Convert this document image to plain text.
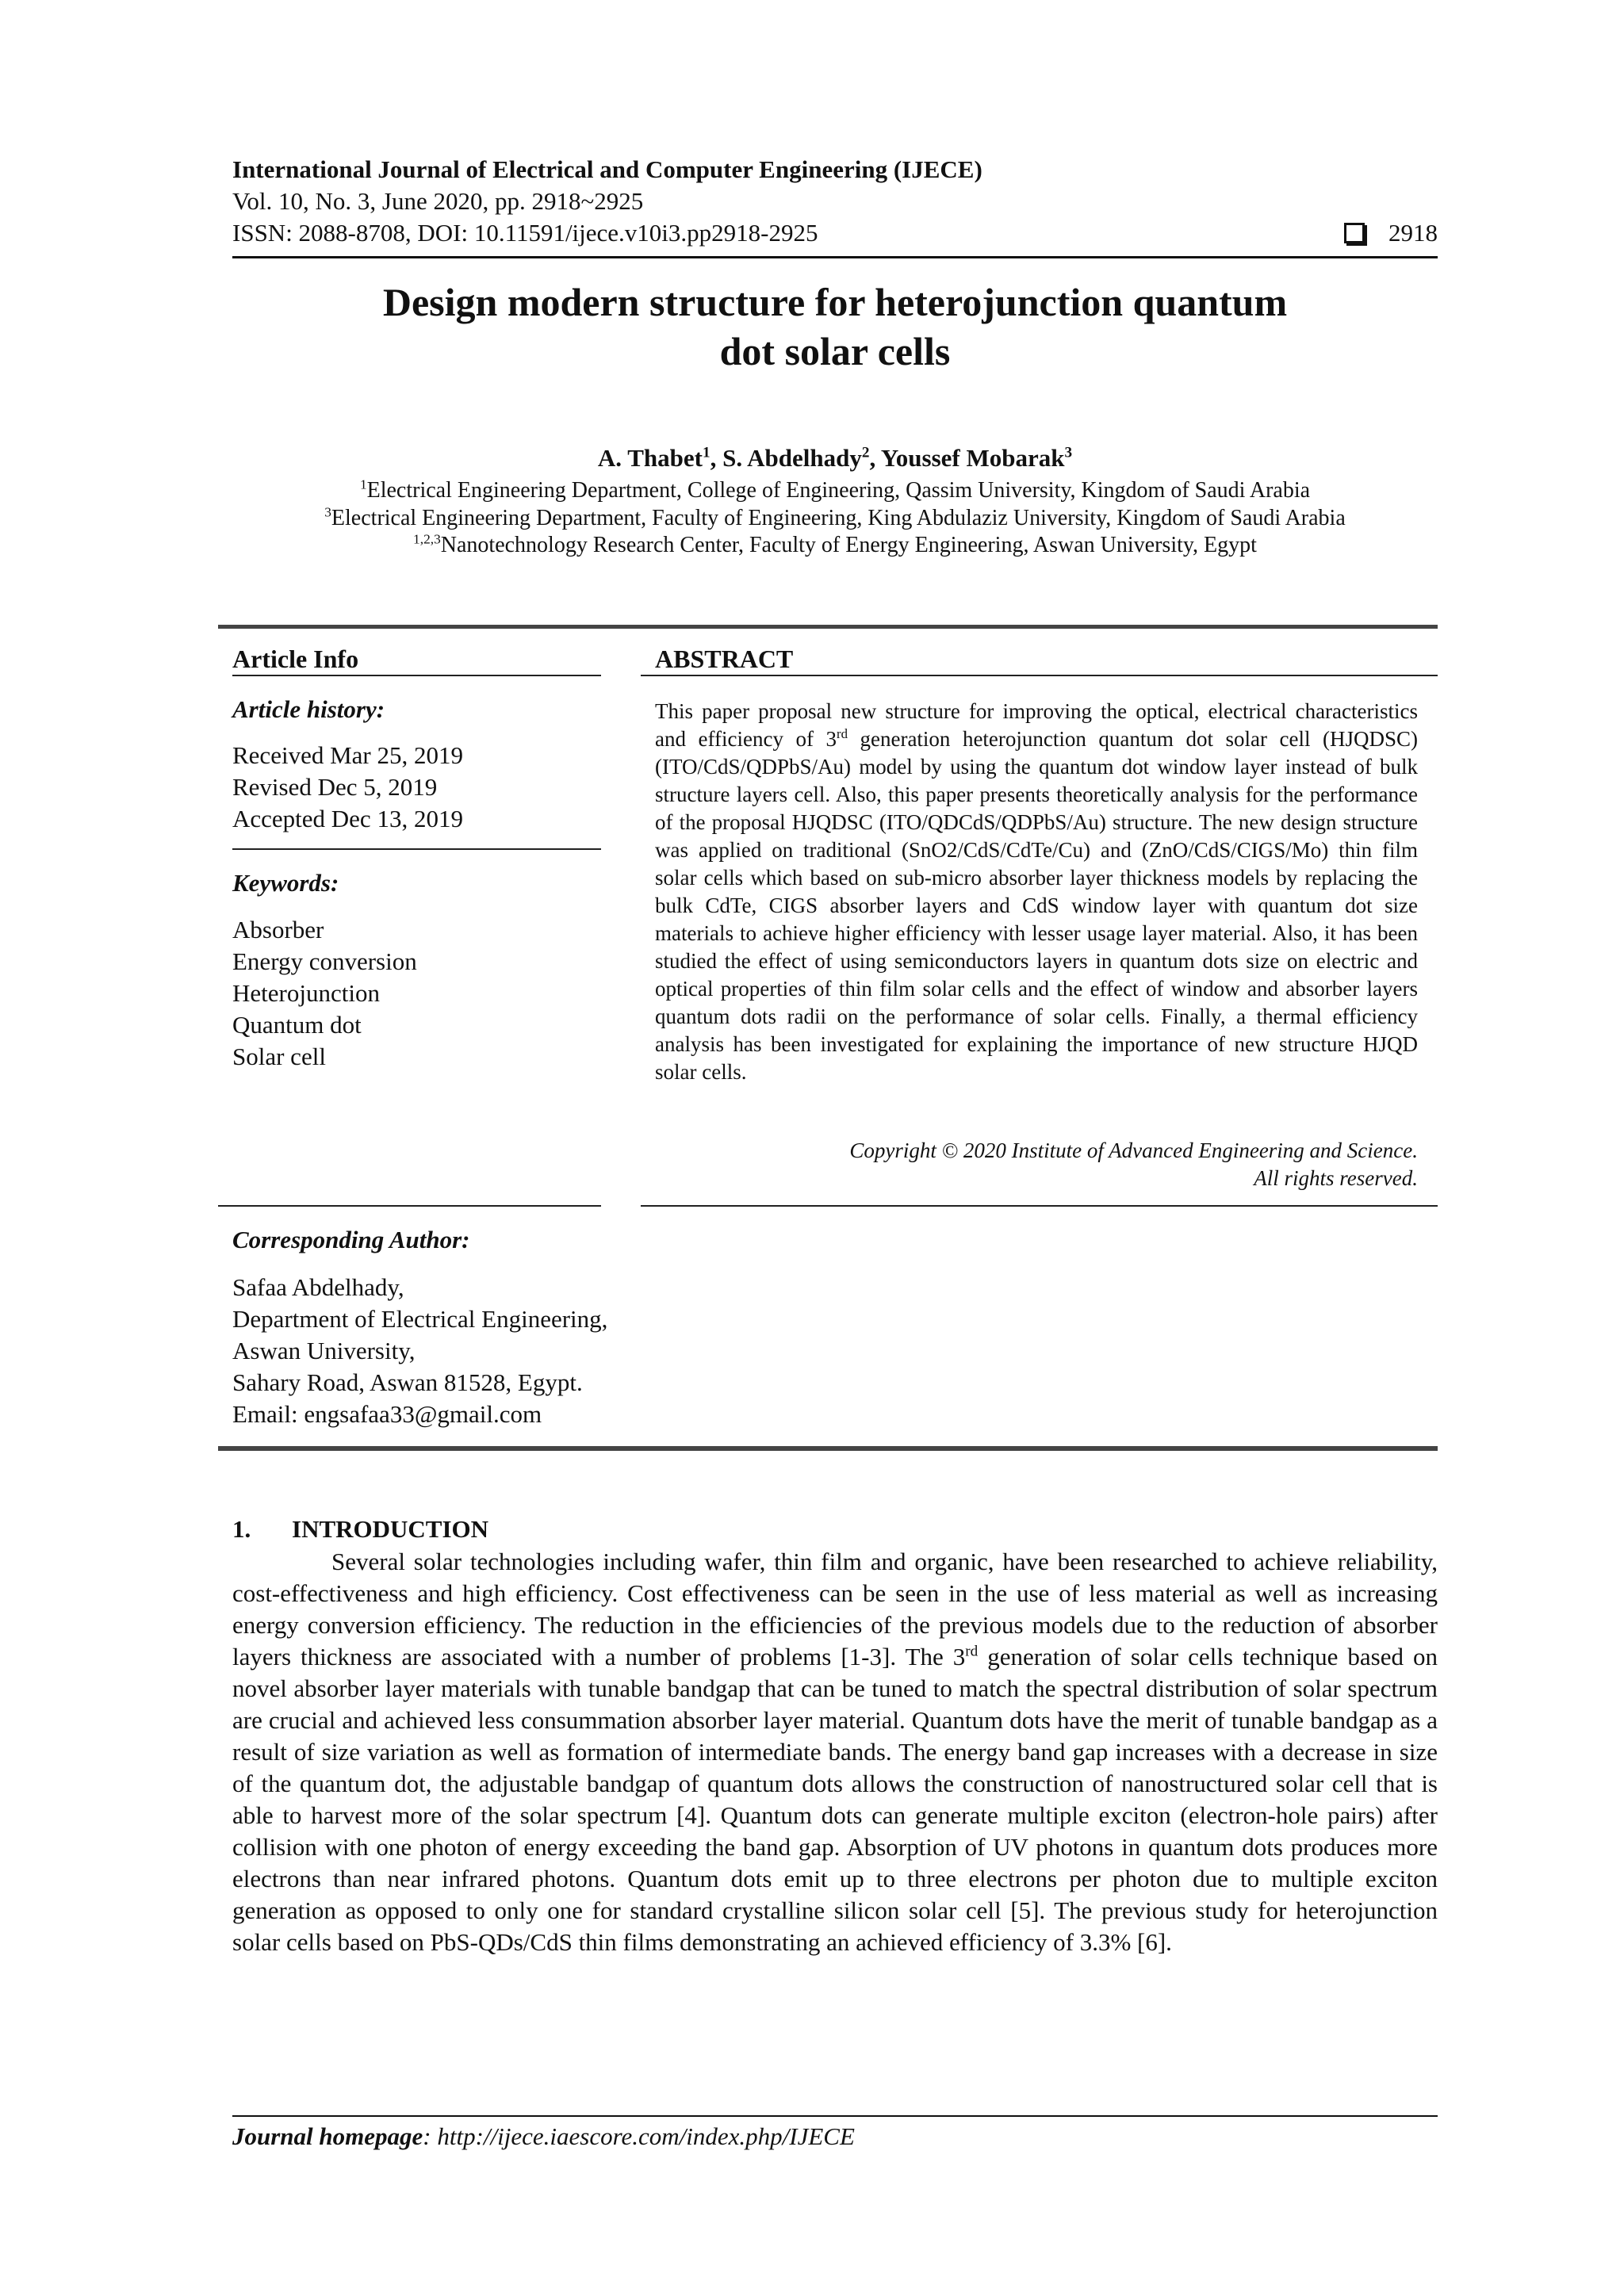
International Journal of Electrical and Computer Engineering (IJECE)
Vol. 10, No. 3, June 2020, pp. 2918~2925
ISSN: 2088-8708, DOI: 10.11591/ijece.v10i3.pp2918-2925	2918
Design modern structure for heterojunction quantum
dot solar cells
A. Thabet$^1$, S. Abdelhady$^2$, Youssef Mobarak$^3$
$^1$Electrical Engineering Department, College of Engineering, Qassim University, Kingdom of Saudi Arabia
$^3$Electrical Engineering Department, Faculty of Engineering, King Abdulaziz University, Kingdom of Saudi Arabia
$^{1,2,3}$Nanotechnology Research Center, Faculty of Energy Engineering, Aswan University, Egypt
Article Info
Article history:
Received Mar 25, 2019
Revised Dec 5, 2019
Accepted Dec 13, 2019
Keywords:
Absorber
Energy conversion
Heterojunction
Quantum dot
Solar cell
ABSTRACT
This paper proposal new structure for improving the optical, electrical characteristics and efficiency of 3rd generation heterojunction quantum dot solar cell (HJQDSC) (ITO/CdS/QDPbS/Au) model by using the quantum dot window layer instead of bulk structure layers cell. Also, this paper presents theoretically analysis for the performance of the proposal HJQDSC (ITO/QDCdS/QDPbS/Au) structure. The new design structure was applied on traditional (SnO2/CdS/CdTe/Cu) and (ZnO/CdS/CIGS/Mo) thin film solar cells which based on sub-micro absorber layer thickness models by replacing the bulk CdTe, CIGS absorber layers and CdS window layer with quantum dot size materials to achieve higher efficiency with lesser usage layer material. Also, it has been studied the effect of using semiconductors layers in quantum dots size on electric and optical properties of thin film solar cells and the effect of window and absorber layers quantum dots radii on the performance of solar cells. Finally, a thermal efficiency analysis has been investigated for explaining the importance of new structure HJQD solar cells.
Copyright © 2020 Institute of Advanced Engineering and Science.
All rights reserved.
Corresponding Author:
Safaa Abdelhady,
Department of Electrical Engineering,
Aswan University,
Sahary Road, Aswan 81528, Egypt.
Email: engsafaa33@gmail.com
1. INTRODUCTION
Several solar technologies including wafer, thin film and organic, have been researched to achieve reliability, cost-effectiveness and high efficiency. Cost effectiveness can be seen in the use of less material as well as increasing energy conversion efficiency. The reduction in the efficiencies of the previous models due to the reduction of absorber layers thickness are associated with a number of problems [1-3]. The 3rd generation of solar cells technique based on novel absorber layer materials with tunable bandgap that can be tuned to match the spectral distribution of solar spectrum are crucial and achieved less consummation absorber layer material. Quantum dots have the merit of tunable bandgap as a result of size variation as well as formation of intermediate bands. The energy band gap increases with a decrease in size of the quantum dot, the adjustable bandgap of quantum dots allows the construction of nanostructured solar cell that is able to harvest more of the solar spectrum [4]. Quantum dots can generate multiple exciton (electron-hole pairs) after collision with one photon of energy exceeding the band gap. Absorption of UV photons in quantum dots produces more electrons than near infrared photons. Quantum dots emit up to three electrons per photon due to multiple exciton generation as opposed to only one for standard crystalline silicon solar cell [5]. The previous study for heterojunction solar cells based on PbS-QDs/CdS thin films demonstrating an achieved efficiency of 3.3% [6].
Journal homepage: http://ijece.iaescore.com/index.php/IJECE
